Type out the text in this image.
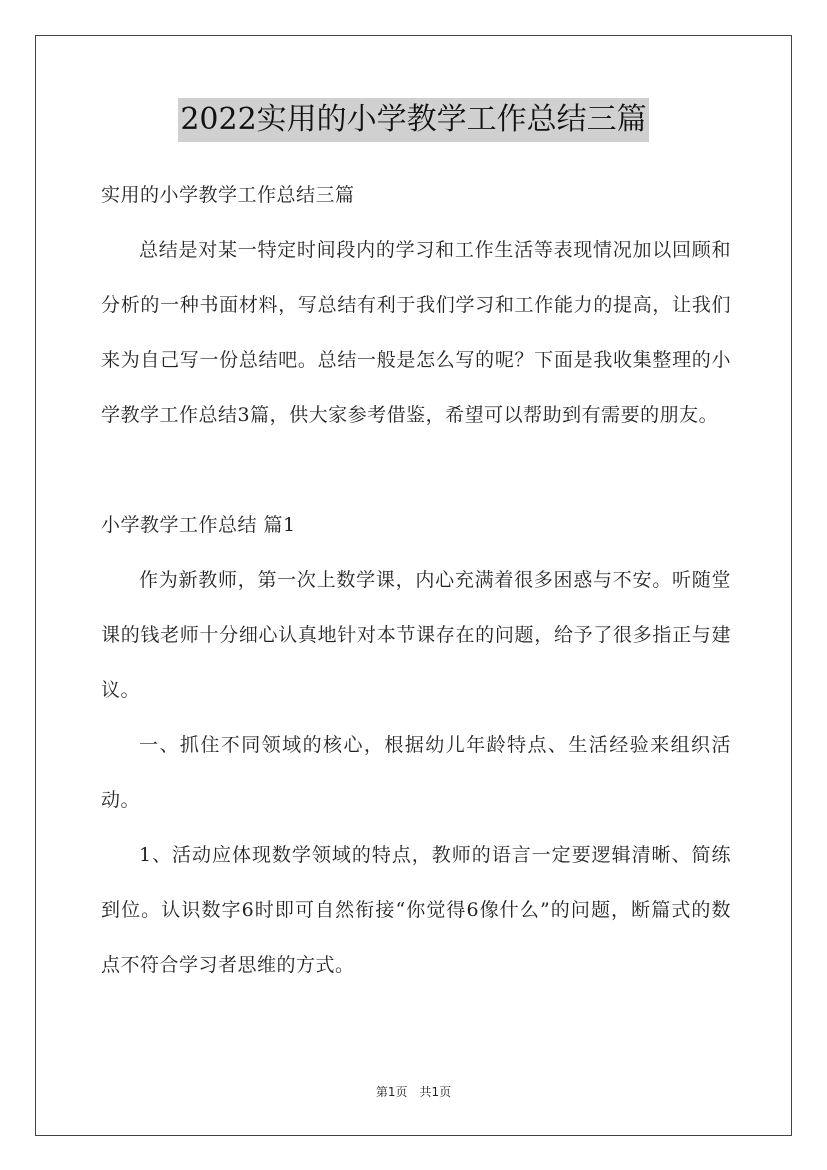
2022实用的小学教学工作总结三篇

实用的小学教学工作总结三篇

总结是对某一特定时间段内的学习和工作生活等表现情况加以回顾和分析的一种书面材料，写总结有利于我们学习和工作能力的提高，让我们来为自己写一份总结吧。总结一般是怎么写的呢？下面是我收集整理的小学教学工作总结3篇，供大家参考借鉴，希望可以帮助到有需要的朋友。

小学教学工作总结 篇1

作为新教师，第一次上数学课，内心充满着很多困惑与不安。听随堂课的钱老师十分细心认真地针对本节课存在的问题，给予了很多指正与建议。

一、抓住不同领域的核心，根据幼儿年龄特点、生活经验来组织活动。

1、活动应体现数学领域的特点，教师的语言一定要逻辑清晰、简练到位。认识数字6时即可自然衔接“你觉得6像什么”的问题，断篇式的数点不符合学习者思维的方式。

第1页　共1页
